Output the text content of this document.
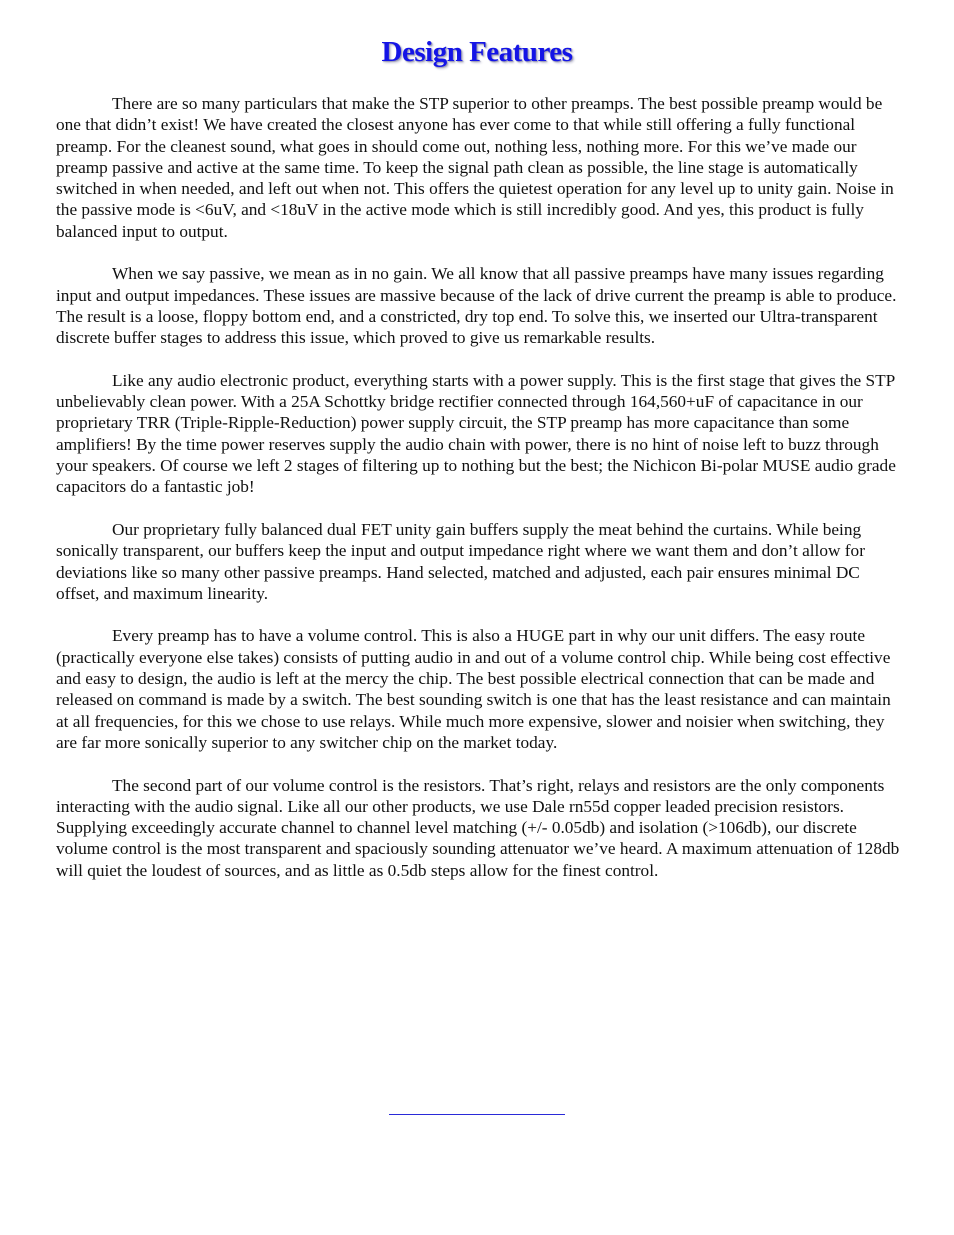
Design Features

There are so many particulars that make the STP superior to other preamps. The best possible preamp would be one that didn’t exist! We have created the closest anyone has ever come to that while still offering a fully functional preamp. For the cleanest sound, what goes in should come out, nothing less, nothing more. For this we’ve made our preamp passive and active at the same time. To keep the signal path clean as possible, the line stage is automatically switched in when needed, and left out when not. This offers the quietest operation for any level up to unity gain. Noise in the passive mode is <6uV, and <18uV in the active mode which is still incredibly good. And yes, this product is fully balanced input to output.

When we say passive, we mean as in no gain. We all know that all passive preamps have many issues regarding input and output impedances. These issues are massive because of the lack of drive current the preamp is able to produce. The result is a loose, floppy bottom end, and a constricted, dry top end. To solve this, we inserted our Ultra-transparent discrete buffer stages to address this issue, which proved to give us remarkable results.

Like any audio electronic product, everything starts with a power supply. This is the first stage that gives the STP unbelievably clean power. With a 25A Schottky bridge rectifier connected through 164,560+uF of capacitance in our proprietary TRR (Triple-Ripple-Reduction) power supply circuit, the STP preamp has more capacitance than some amplifiers! By the time power reserves supply the audio chain with power, there is no hint of noise left to buzz through your speakers. Of course we left 2 stages of filtering up to nothing but the best; the Nichicon Bi-polar MUSE audio grade capacitors do a fantastic job!

Our proprietary fully balanced dual FET unity gain buffers supply the meat behind the curtains. While being sonically transparent, our buffers keep the input and output impedance right where we want them and don’t allow for deviations like so many other passive preamps. Hand selected, matched and adjusted, each pair ensures minimal DC offset, and maximum linearity.

Every preamp has to have a volume control. This is also a HUGE part in why our unit differs. The easy route (practically everyone else takes) consists of putting audio in and out of a volume control chip. While being cost effective and easy to design, the audio is left at the mercy the chip. The best possible electrical connection that can be made and released on command is made by a switch. The best sounding switch is one that has the least resistance and can maintain at all frequencies, for this we chose to use relays. While much more expensive, slower and noisier when switching, they are far more sonically superior to any switcher chip on the market today.

The second part of our volume control is the resistors. That’s right, relays and resistors are the only components interacting with the audio signal. Like all our other products, we use Dale rn55d copper leaded precision resistors. Supplying exceedingly accurate channel to channel level matching (+/- 0.05db) and isolation (>106db), our discrete volume control is the most transparent and spaciously sounding attenuator we’ve heard. A maximum attenuation of 128db will quiet the loudest of sources, and as little as 0.5db steps allow for the finest control.
